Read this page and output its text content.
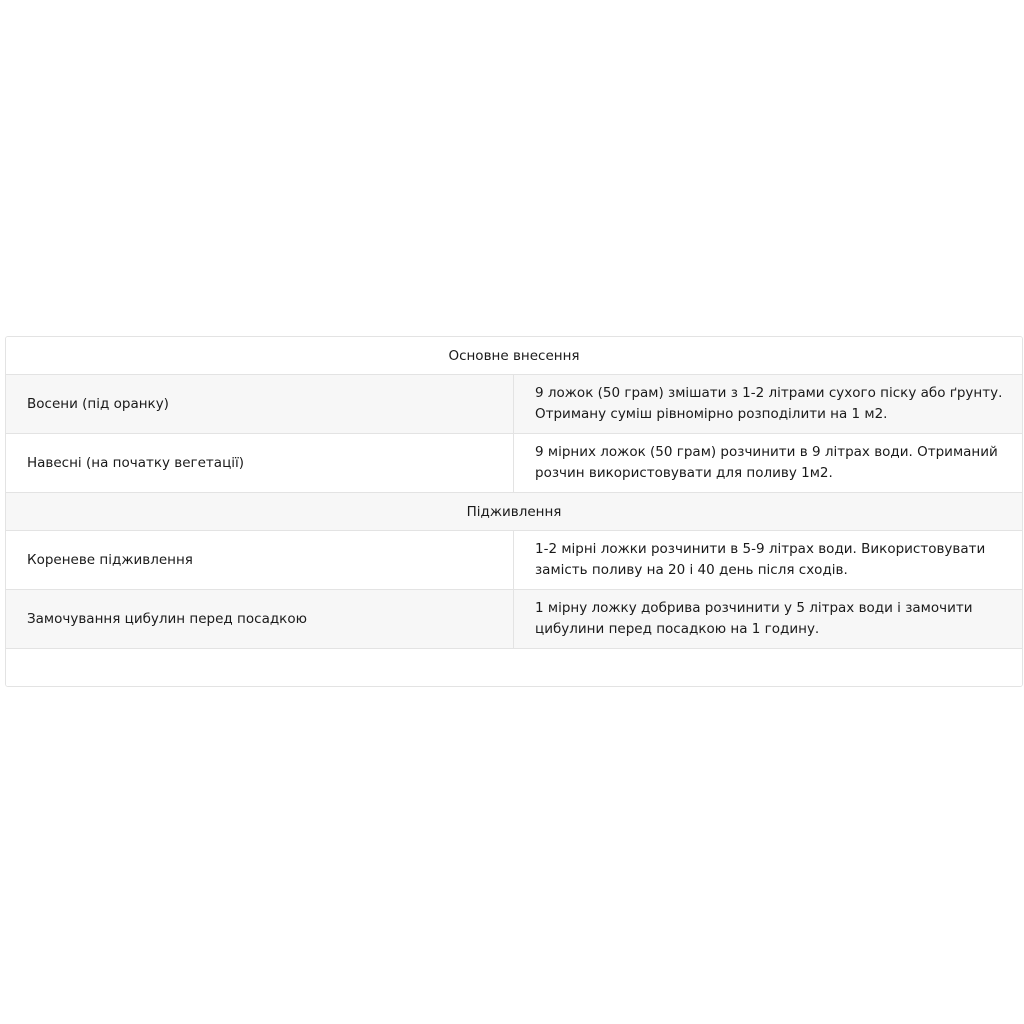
Основне внесення
Восени (під оранку)
9 ложок (50 грам) змішати з 1-2 літрами сухого піску або ґрунту. Отриману суміш рівномірно розподілити на 1 м2.
Навесні (на початку вегетації)
9 мірних ложок (50 грам) розчинити в 9 літрах води. Отриманий розчин використовувати для поливу 1м2.
Підживлення
Кореневе підживлення
1-2 мірні ложки розчинити в 5-9 літрах води. Використовувати замість поливу на 20 і 40 день після сходів.
Замочування цибулин перед посадкою
1 мірну ложку добрива розчинити у 5 літрах води і замочити цибулини перед посадкою на 1 годину.
